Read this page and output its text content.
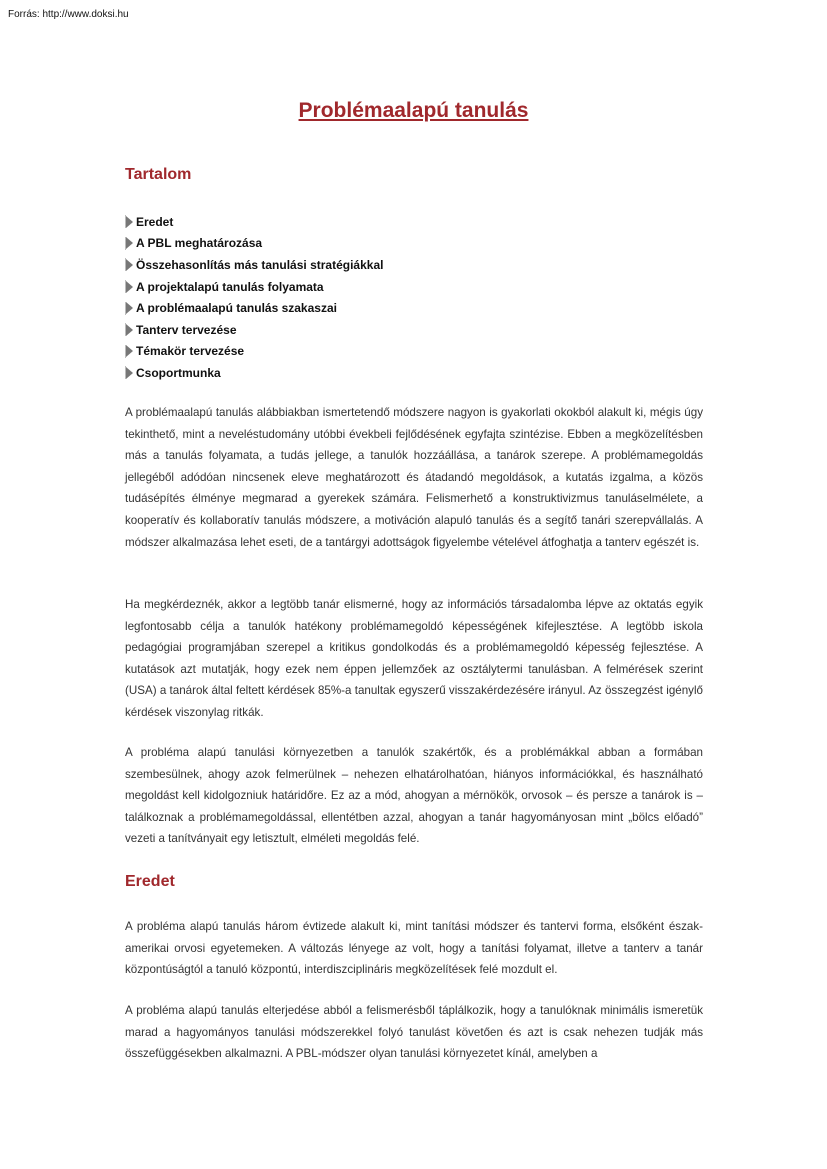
Forrás: http://www.doksi.hu
Problémaalapú tanulás
Tartalom
Eredet
A PBL meghatározása
Összehasonlítás más tanulási stratégiákkal
A projektalapú tanulás folyamata
A problémaalapú tanulás szakaszai
Tanterv tervezése
Témakör tervezése
Csoportmunka

A problémaalapú tanulás alábbiakban ismertetendő módszere nagyon is gyakorlati okokból alakult ki, mégis úgy tekinthető, mint a neveléstudomány utóbbi évekbeli fejlődésének egyfajta szintézise. Ebben a megközelítésben más a tanulás folyamata, a tudás jellege, a tanulók hozzáállása, a tanárok szerepe. A problémamegoldás jellegéből adódóan nincsenek eleve meghatározott és átadandó megoldások, a kutatás izgalma, a közös tudásépítés élménye megmarad a gyerekek számára. Felismerhető a konstruktivizmus tanuláselmélete, a kooperatív és kollaboratív tanulás módszere, a motiváción alapuló tanulás és a segítő tanári szerepvállalás. A módszer alkalmazása lehet eseti, de a tantárgyi adottságok figyelembe vételével átfoghatja a tanterv egészét is.

Ha megkérdeznék, akkor a legtöbb tanár elismerné, hogy az információs társadalomba lépve az oktatás egyik legfontosabb célja a tanulók hatékony problémamegoldó képességének kifejlesztése. A legtöbb iskola pedagógiai programjában szerepel a kritikus gondolkodás és a problémamegoldó képesség fejlesztése. A kutatások azt mutatják, hogy ezek nem éppen jellemzőek az osztálytermi tanulásban. A felmérések szerint (USA) a tanárok által feltett kérdések 85%-a tanultak egyszerű visszakérdezésére irányul. Az összegzést igénylő kérdések viszonylag ritkák.

A probléma alapú tanulási környezetben a tanulók szakértők, és a problémákkal abban a formában szembesülnek, ahogy azok felmerülnek – nehezen elhatárolhatóan, hiányos információkkal, és használható megoldást kell kidolgozniuk határidőre. Ez az a mód, ahogyan a mérnökök, orvosok – és persze a tanárok is – találkoznak a problémamegoldással, ellentétben azzal, ahogyan a tanár hagyományosan mint „bölcs előadó” vezeti a tanítványait egy letisztult, elméleti megoldás felé.

Eredet

A probléma alapú tanulás három évtizede alakult ki, mint tanítási módszer és tantervi forma, elsőként észak-amerikai orvosi egyetemeken. A változás lényege az volt, hogy a tanítási folyamat, illetve a tanterv a tanár központúságtól a tanuló központú, interdiszciplináris megközelítések felé mozdult el.

A probléma alapú tanulás elterjedése abból a felismerésből táplálkozik, hogy a tanulóknak minimális ismeretük marad a hagyományos tanulási módszerekkel folyó tanulást követően és azt is csak nehezen tudják más összefüggésekben alkalmazni. A PBL-módszer olyan tanulási környezetet kínál, amelyben a
